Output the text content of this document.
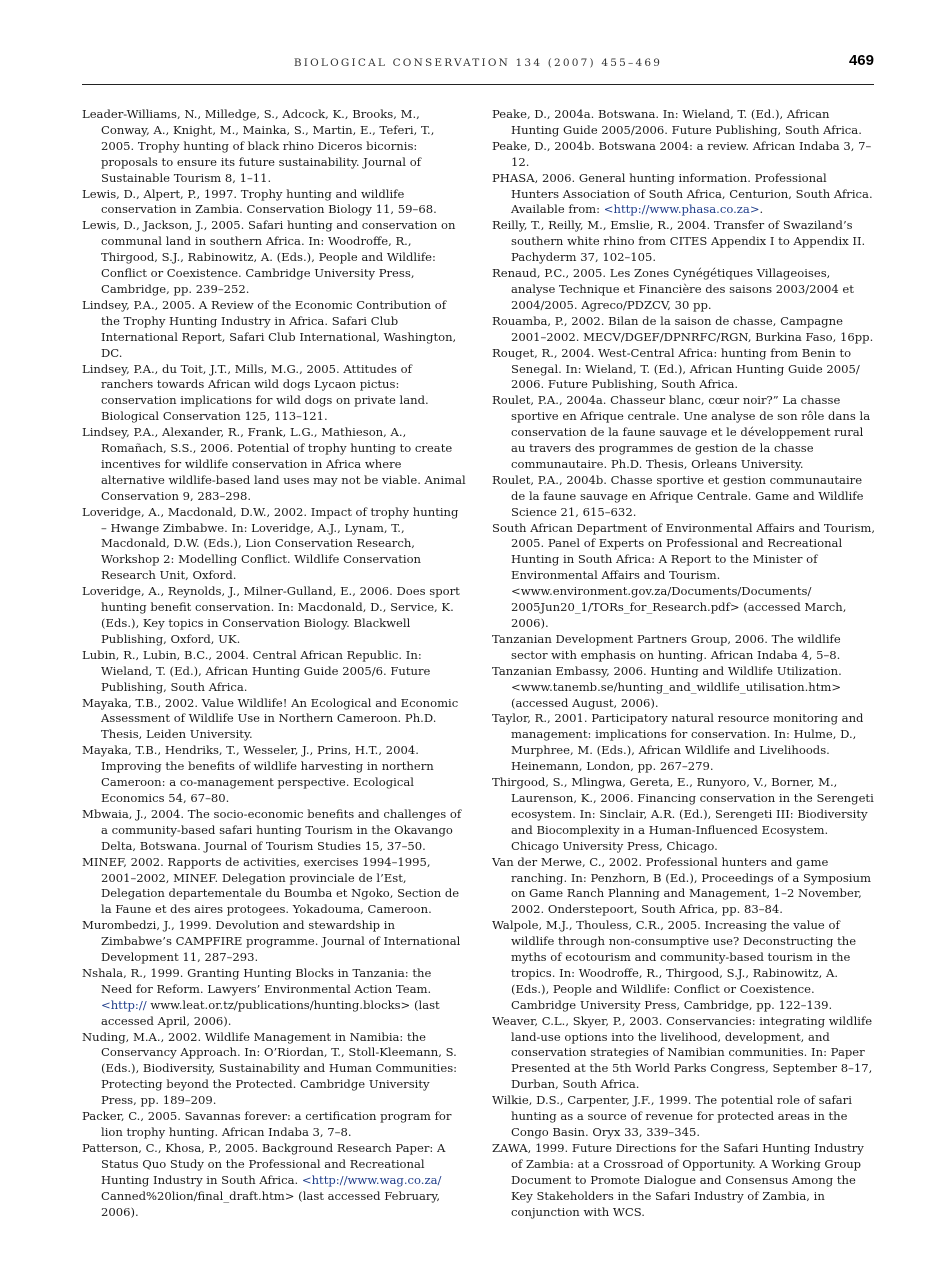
BIOLOGICAL CONSERVATION 134 (2007) 455–469	469

Leader-Williams, N., Milledge, S., Adcock, K., Brooks, M., Conway, A., Knight, M., Mainka, S., Martin, E., Teferi, T., 2005. Trophy hunting of black rhino Diceros bicornis: proposals to ensure its future sustainability. Journal of Sustainable Tourism 8, 1–11.

Lewis, D., Alpert, P., 1997. Trophy hunting and wildlife conservation in Zambia. Conservation Biology 11, 59–68.

Lewis, D., Jackson, J., 2005. Safari hunting and conservation on communal land in southern Africa. In: Woodroffe, R., Thirgood, S.J., Rabinowitz, A. (Eds.), People and Wildlife: Conflict or Coexistence. Cambridge University Press, Cambridge, pp. 239–252.

Lindsey, P.A., 2005. A Review of the Economic Contribution of the Trophy Hunting Industry in Africa. Safari Club International Report, Safari Club International, Washington, DC.

Lindsey, P.A., du Toit, J.T., Mills, M.G., 2005. Attitudes of ranchers towards African wild dogs Lycaon pictus: conservation implications for wild dogs on private land. Biological Conservation 125, 113–121.

Lindsey, P.A., Alexander, R., Frank, L.G., Mathieson, A., Romañach, S.S., 2006. Potential of trophy hunting to create incentives for wildlife conservation in Africa where alternative wildlife-based land uses may not be viable. Animal Conservation 9, 283–298.

Loveridge, A., Macdonald, D.W., 2002. Impact of trophy hunting – Hwange Zimbabwe. In: Loveridge, A.J., Lynam, T., Macdonald, D.W. (Eds.), Lion Conservation Research, Workshop 2: Modelling Conflict. Wildlife Conservation Research Unit, Oxford.

Loveridge, A., Reynolds, J., Milner-Gulland, E., 2006. Does sport hunting benefit conservation. In: Macdonald, D., Service, K. (Eds.), Key topics in Conservation Biology. Blackwell Publishing, Oxford, UK.

Lubin, R., Lubin, B.C., 2004. Central African Republic. In: Wieland, T. (Ed.), African Hunting Guide 2005/6. Future Publishing, South Africa.

Mayaka, T.B., 2002. Value Wildlife! An Ecological and Economic Assessment of Wildlife Use in Northern Cameroon. Ph.D. Thesis, Leiden University.

Mayaka, T.B., Hendriks, T., Wesseler, J., Prins, H.T., 2004. Improving the benefits of wildlife harvesting in northern Cameroon: a co-management perspective. Ecological Economics 54, 67–80.

Mbwaia, J., 2004. The socio-economic benefits and challenges of a community-based safari hunting Tourism in the Okavango Delta, Botswana. Journal of Tourism Studies 15, 37–50.

MINEF, 2002. Rapports de activities, exercises 1994–1995, 2001–2002, MINEF. Delegation provinciale de l’Est, Delegation departementale du Boumba et Ngoko, Section de la Faune et des aires protogees. Yokadouma, Cameroon.

Murombedzi, J., 1999. Devolution and stewardship in Zimbabwe’s CAMPFIRE programme. Journal of International Development 11, 287–293.

Nshala, R., 1999. Granting Hunting Blocks in Tanzania: the Need for Reform. Lawyers’ Environmental Action Team. <http:// www.leat.or.tz/publications/hunting.blocks> (last accessed April, 2006).

Nuding, M.A., 2002. Wildlife Management in Namibia: the Conservancy Approach. In: O’Riordan, T., Stoll-Kleemann, S. (Eds.), Biodiversity, Sustainability and Human Communities: Protecting beyond the Protected. Cambridge University Press, pp. 189–209.

Packer, C., 2005. Savannas forever: a certification program for lion trophy hunting. African Indaba 3, 7–8.

Patterson, C., Khosa, P., 2005. Background Research Paper: A Status Quo Study on the Professional and Recreational Hunting Industry in South Africa. <http://www.wag.co.za/ Canned%20lion/final_draft.htm> (last accessed February, 2006).

Peake, D., 2004a. Botswana. In: Wieland, T. (Ed.), African Hunting Guide 2005/2006. Future Publishing, South Africa.

Peake, D., 2004b. Botswana 2004: a review. African Indaba 3, 7–12.

PHASA, 2006. General hunting information. Professional Hunters Association of South Africa, Centurion, South Africa. Available from: <http://www.phasa.co.za>.

Reilly, T., Reilly, M., Emslie, R., 2004. Transfer of Swaziland’s southern white rhino from CITES Appendix I to Appendix II. Pachyderm 37, 102–105.

Renaud, P.C., 2005. Les Zones Cynégétiques Villageoises, analyse Technique et Financière des saisons 2003/2004 et 2004/2005. Agreco/PDZCV, 30 pp.

Rouamba, P., 2002. Bilan de la saison de chasse, Campagne 2001–2002. MECV/DGEF/DPNRFC/RGN, Burkina Faso, 16pp.

Rouget, R., 2004. West-Central Africa: hunting from Benin to Senegal. In: Wieland, T. (Ed.), African Hunting Guide 2005/ 2006. Future Publishing, South Africa.

Roulet, P.A., 2004a. Chasseur blanc, cœur noir?” La chasse sportive en Afrique centrale. Une analyse de son rôle dans la conservation de la faune sauvage et le développement rural au travers des programmes de gestion de la chasse communautaire. Ph.D. Thesis, Orleans University.

Roulet, P.A., 2004b. Chasse sportive et gestion communautaire de la faune sauvage en Afrique Centrale. Game and Wildlife Science 21, 615–632.

South African Department of Environmental Affairs and Tourism, 2005. Panel of Experts on Professional and Recreational Hunting in South Africa: A Report to the Minister of Environmental Affairs and Tourism. <www.environment.gov.za/Documents/Documents/ 2005Jun20_1/TORs_for_Research.pdf> (accessed March, 2006).

Tanzanian Development Partners Group, 2006. The wildlife sector with emphasis on hunting. African Indaba 4, 5–8.

Tanzanian Embassy, 2006. Hunting and Wildlife Utilization. <www.tanemb.se/hunting_and_wildlife_utilisation.htm> (accessed August, 2006).

Taylor, R., 2001. Participatory natural resource monitoring and management: implications for conservation. In: Hulme, D., Murphree, M. (Eds.), African Wildlife and Livelihoods. Heinemann, London, pp. 267–279.

Thirgood, S., Mlingwa, Gereta, E., Runyoro, V., Borner, M., Laurenson, K., 2006. Financing conservation in the Serengeti ecosystem. In: Sinclair, A.R. (Ed.), Serengeti III: Biodiversity and Biocomplexity in a Human-Influenced Ecosystem. Chicago University Press, Chicago.

Van der Merwe, C., 2002. Professional hunters and game ranching. In: Penzhorn, B (Ed.), Proceedings of a Symposium on Game Ranch Planning and Management, 1–2 November, 2002. Onderstepoort, South Africa, pp. 83–84.

Walpole, M.J., Thouless, C.R., 2005. Increasing the value of wildlife through non-consumptive use? Deconstructing the myths of ecotourism and community-based tourism in the tropics. In: Woodroffe, R., Thirgood, S.J., Rabinowitz, A. (Eds.), People and Wildlife: Conflict or Coexistence. Cambridge University Press, Cambridge, pp. 122–139.

Weaver, C.L., Skyer, P., 2003. Conservancies: integrating wildlife land-use options into the livelihood, development, and conservation strategies of Namibian communities. In: Paper Presented at the 5th World Parks Congress, September 8–17, Durban, South Africa.

Wilkie, D.S., Carpenter, J.F., 1999. The potential role of safari hunting as a source of revenue for protected areas in the Congo Basin. Oryx 33, 339–345.

ZAWA, 1999. Future Directions for the Safari Hunting Industry of Zambia: at a Crossroad of Opportunity. A Working Group Document to Promote Dialogue and Consensus Among the Key Stakeholders in the Safari Industry of Zambia, in conjunction with WCS.
